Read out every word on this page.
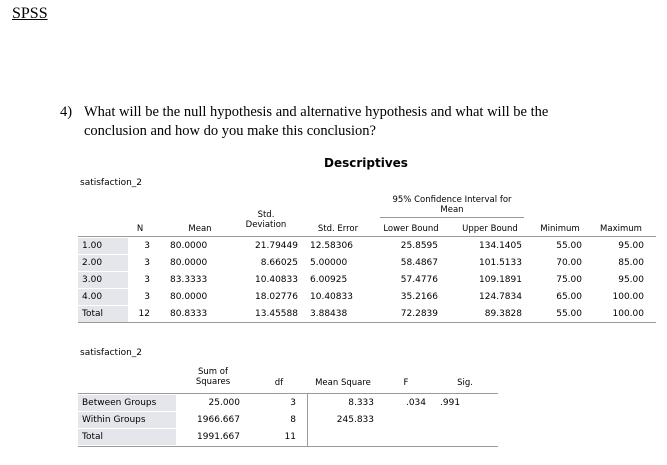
SPSS
4) What will be the null hypothesis and alternative hypothesis and what will be the
conclusion and how do you make this conclusion?
Descriptives
satisfaction_2
95% Confidence Interval for
Mean
N	Mean
Std.
Deviation	Std. Error	Lower Bound	Upper Bound	Minimum	Maximum
1.00	3 80.0000	21.79449 12.58306	25.8595	134.1405	55.00	95.00
2.00	3 80.0000	8.66025 5.00000	58.4867	101.5133	70.00	85.00
3.00	3 83.3333	10.40833 6.00925	57.4776	109.1891	75.00	95.00
4.00	3 80.0000	18.02776 10.40833	35.2166	124.7834	65.00	100.00
Total	12 80.8333	13.45588 3.88438	72.2839	89.3828	55.00	100.00
satisfaction_2
Sum of
Squares	df	Mean Square	F	Sig.
Between Groups	25.000	3	8.333	.034 .991
Within Groups	1966.667	8	245.833
Total	1991.667	11
